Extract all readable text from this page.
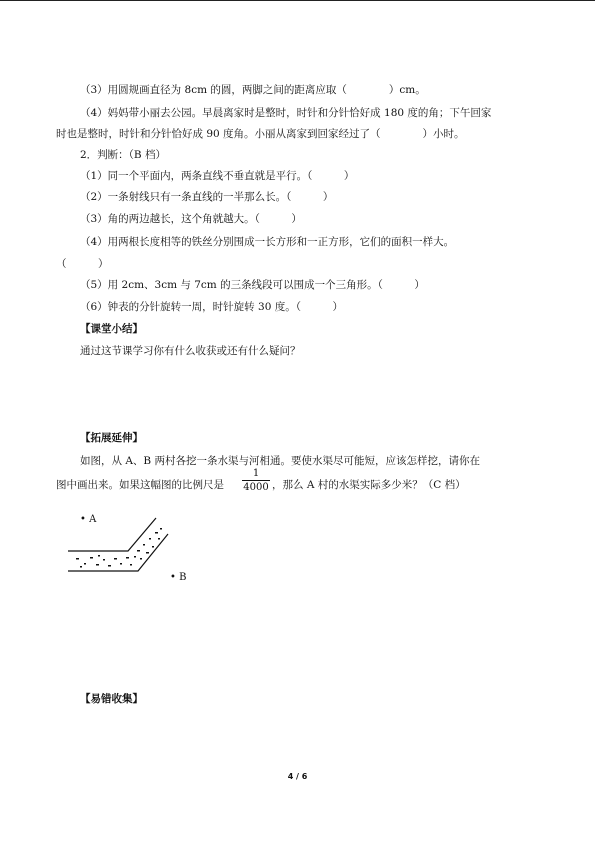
（3）用圆规画直径为 8cm 的圆，两脚之间的距离应取（　　　　）cm。
（4）妈妈带小丽去公园。早晨离家时是整时，时针和分针恰好成 180 度的角；下午回家
时也是整时，时针和分针恰好成 90 度角。小丽从离家到回家经过了（　　　　）小时。
2．判断：（B 档）
（1）同一个平面内，两条直线不垂直就是平行。（　　　）
（2）一条射线只有一条直线的一半那么长。（　　　）
（3）角的两边越长，这个角就越大。（　　　）
（4）用两根长度相等的铁丝分别围成一长方形和一正方形，它们的面积一样大。
（　　　）
（5）用 2cm、3cm 与 7cm 的三条线段可以围成一个三角形。（　　　）
（6）钟表的分针旋转一周，时针旋转 30 度。（　　　）
【课堂小结】
通过这节课学习你有什么收获或还有什么疑问？
【拓展延伸】
如图，从 A、B 两村各挖一条水渠与河相通。要使水渠尽可能短，应该怎样挖，请你在
图中画出来。如果这幅图的比例尺是
1
4000 ，那么 A 村的水渠实际多少米？（C 档）
• A
• B
【易错收集】
4 / 6
